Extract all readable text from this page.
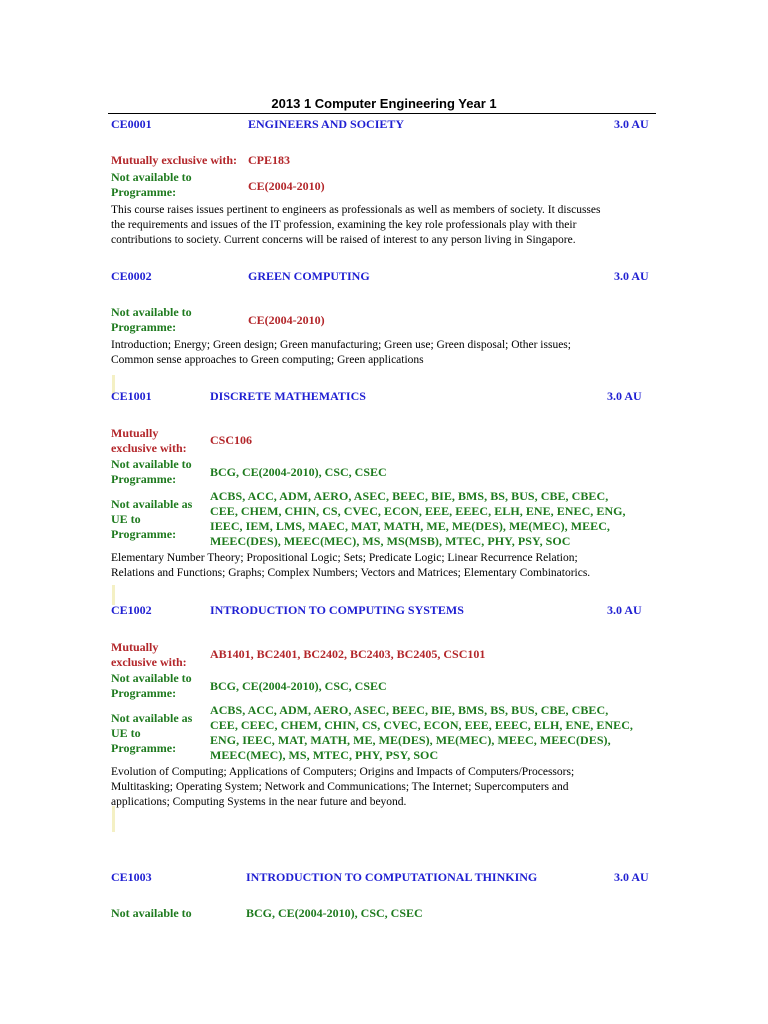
2013 1 Computer Engineering Year 1
CE0001	ENGINEERS AND SOCIETY	3.0 AU
Mutually exclusive with: CPE183
Not available to
Programme:	CE(2004-2010)
This course raises issues pertinent to engineers as professionals as well as members of society. It discusses
the requirements and issues of the IT profession, examining the key role professionals play with their
contributions to society. Current concerns will be raised of interest to any person living in Singapore.
CE0002	GREEN COMPUTING	3.0 AU
Not available to
Programme:	CE(2004-2010)
Introduction; Energy; Green design; Green manufacturing; Green use; Green disposal; Other issues;
Common sense approaches to Green computing; Green applications
CE1001	DISCRETE MATHEMATICS	3.0 AU
Mutually
exclusive with:
CSC106
Not available to
Programme:	BCG, CE(2004-2010), CSC, CSEC
Not available as
UE to
Programme:
ACBS, ACC, ADM, AERO, ASEC, BEEC, BIE, BMS, BS, BUS, CBE, CBEC,
CEE, CHEM, CHIN, CS, CVEC, ECON, EEE, EEEC, ELH, ENE, ENEC, ENG,
IEEC, IEM, LMS, MAEC, MAT, MATH, ME, ME(DES), ME(MEC), MEEC,
MEEC(DES), MEEC(MEC), MS, MS(MSB), MTEC, PHY, PSY, SOC
Elementary Number Theory; Propositional Logic; Sets; Predicate Logic; Linear Recurrence Relation;
Relations and Functions; Graphs; Complex Numbers; Vectors and Matrices; Elementary Combinatorics.
CE1002	INTRODUCTION TO COMPUTING SYSTEMS	3.0 AU
Mutually
exclusive with:
AB1401, BC2401, BC2402, BC2403, BC2405, CSC101
Not available to
Programme:	BCG, CE(2004-2010), CSC, CSEC
Not available as
UE to
Programme:
ACBS, ACC, ADM, AERO, ASEC, BEEC, BIE, BMS, BS, BUS, CBE, CBEC,
CEE, CEEC, CHEM, CHIN, CS, CVEC, ECON, EEE, EEEC, ELH, ENE, ENEC,
ENG, IEEC, MAT, MATH, ME, ME(DES), ME(MEC), MEEC, MEEC(DES),
MEEC(MEC), MS, MTEC, PHY, PSY, SOC
Evolution of Computing; Applications of Computers; Origins and Impacts of Computers/Processors;
Multitasking; Operating System; Network and Communications; The Internet; Supercomputers and
applications; Computing Systems in the near future and beyond.
CE1003	INTRODUCTION TO COMPUTATIONAL THINKING	3.0 AU
Not available to	BCG, CE(2004-2010), CSC, CSEC
